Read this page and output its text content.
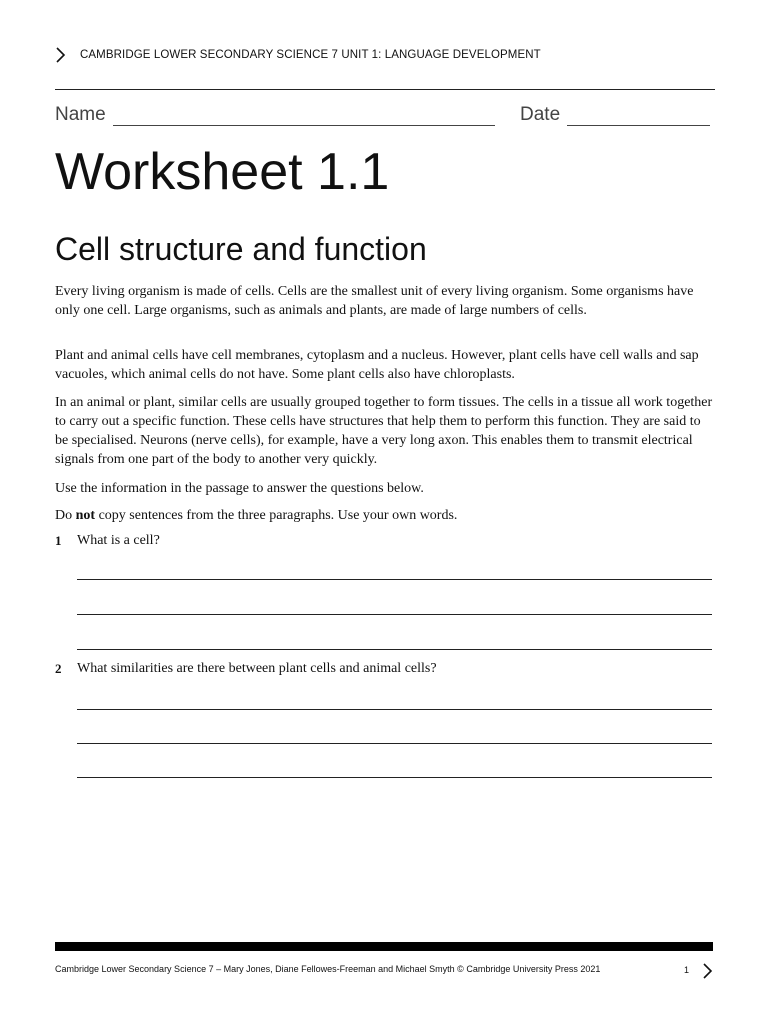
CAMBRIDGE LOWER SECONDARY SCIENCE 7 UNIT 1: LANGUAGE DEVELOPMENT
Name	Date
Worksheet 1.1
Cell structure and function

Every living organism is made of cells. Cells are the smallest unit of every living organism. Some organisms have only one cell. Large organisms, such as animals and plants, are made of large numbers of cells.

Plant and animal cells have cell membranes, cytoplasm and a nucleus. However, plant cells have cell walls and sap vacuoles, which animal cells do not have. Some plant cells also have chloroplasts.

In an animal or plant, similar cells are usually grouped together to form tissues. The cells in a tissue all work together to carry out a specific function. These cells have structures that help them to perform this function. They are said to be specialised. Neurons (nerve cells), for example, have a very long axon. This enables them to transmit electrical signals from one part of the body to another very quickly.

Use the information in the passage to answer the questions below.

Do not copy sentences from the three paragraphs. Use your own words.

1 What is a cell?
2 What similarities are there between plant cells and animal cells?
Cambridge Lower Secondary Science 7 – Mary Jones, Diane Fellowes-Freeman and Michael Smyth © Cambridge University Press 2021	1
